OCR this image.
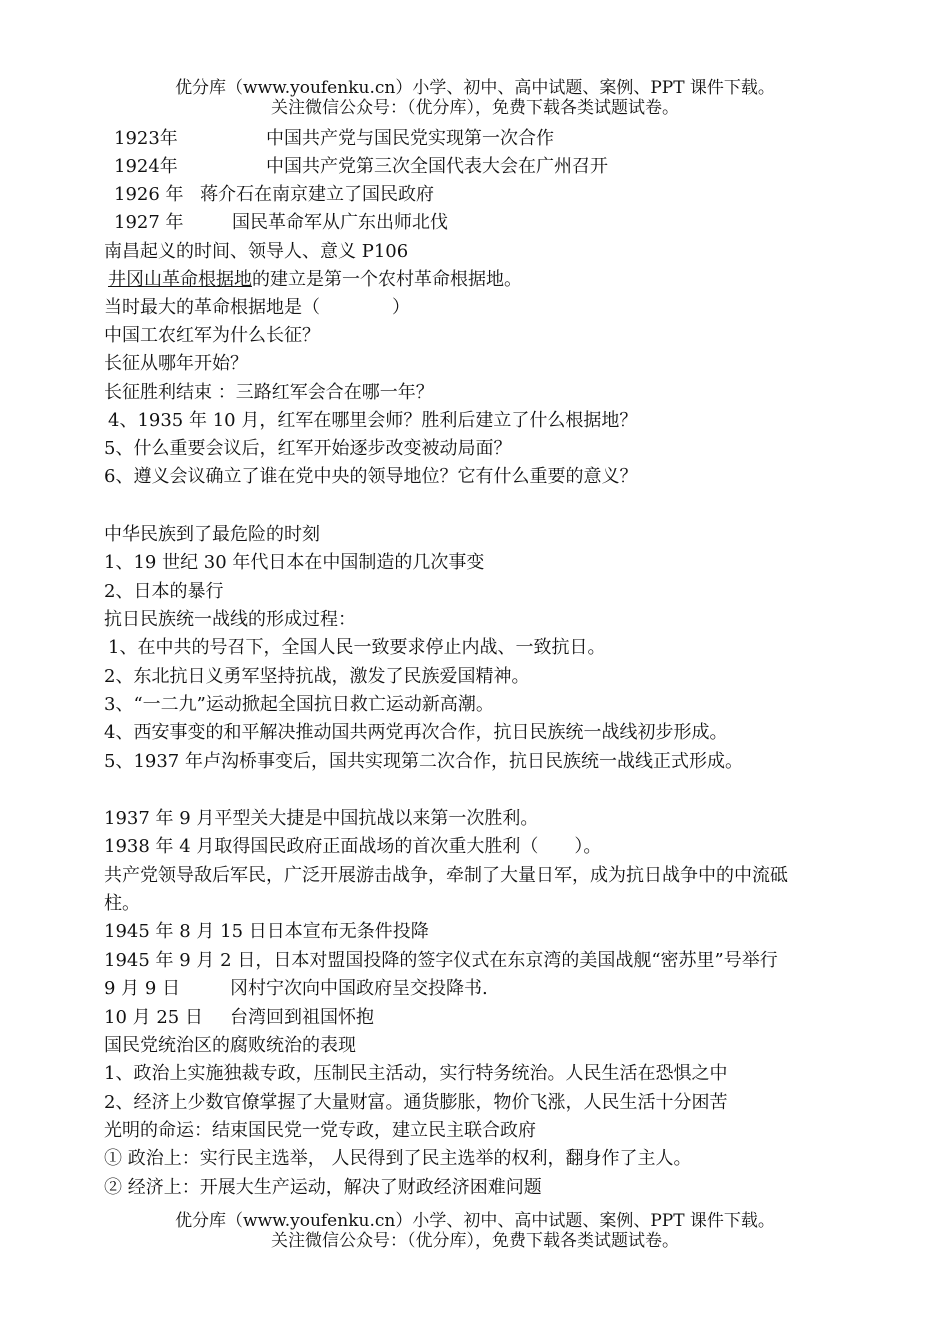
优分库（www.youfenku.cn）小学、初中、高中试题、案例、PPT 课件下载。
关注微信公众号：（优分库），免费下载各类试题试卷。
1923年	中国共产党与国民党实现第一次合作
1924年	中国共产党第三次全国代表大会在广州召开
1926 年 蒋介石在南京建立了国民政府
1927 年	国民革命军从广东出师北伐
南昌起义的时间、领导人、意义 P106
井冈山革命根据地的建立是第一个农村革命根据地。
当时最大的革命根据地是（　　　　）
中国工农红军为什么长征？
长征从哪年开始？
长征胜利结束 ：三路红军会合在哪一年？
4、1935 年 10 月，红军在哪里会师？胜利后建立了什么根据地？
5、什么重要会议后，红军开始逐步改变被动局面？
6、遵义会议确立了谁在党中央的领导地位？它有什么重要的意义？
中华民族到了最危险的时刻
1、19 世纪 30 年代日本在中国制造的几次事变
2、日本的暴行
抗日民族统一战线的形成过程：
1、在中共的号召下，全国人民一致要求停止内战、一致抗日。
2、东北抗日义勇军坚持抗战，激发了民族爱国精神。
3、“一二九”运动掀起全国抗日救亡运动新高潮。
4、西安事变的和平解决推动国共两党再次合作，抗日民族统一战线初步形成。
5、1937 年卢沟桥事变后，国共实现第二次合作，抗日民族统一战线正式形成。
1937 年 9 月平型关大捷是中国抗战以来第一次胜利。
1938 年 4 月取得国民政府正面战场的首次重大胜利（　　）。
共产党领导敌后军民，广泛开展游击战争，牵制了大量日军，成为抗日战争中的中流砥
柱。
1945 年 8 月 15 日日本宣布无条件投降
1945 年 9 月 2 日，日本对盟国投降的签字仪式在东京湾的美国战舰“密苏里”号举行
9 月 9 日	冈村宁次向中国政府呈交投降书.
10 月 25 日 台湾回到祖国怀抱
国民党统治区的腐败统治的表现
1、政治上实施独裁专政，压制民主活动，实行特务统治。人民生活在恐惧之中
2、经济上少数官僚掌握了大量财富。通货膨胀，物价飞涨，人民生活十分困苦
光明的命运：结束国民党一党专政，建立民主联合政府
① 政治上：实行民主选举， 人民得到了民主选举的权利，翻身作了主人。
② 经济上：开展大生产运动，解决了财政经济困难问题
优分库（www.youfenku.cn）小学、初中、高中试题、案例、PPT 课件下载。
关注微信公众号：（优分库），免费下载各类试题试卷。
